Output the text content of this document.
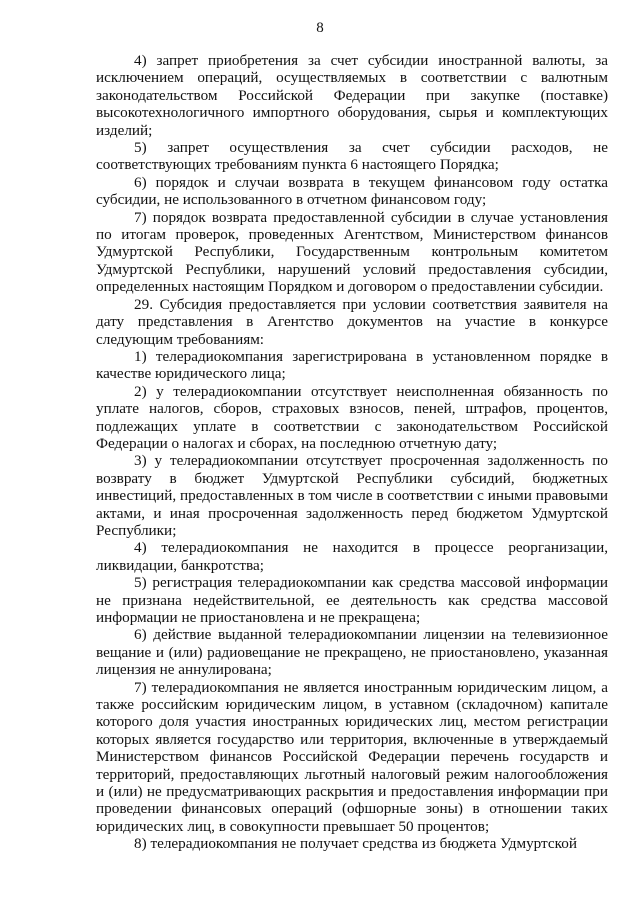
8

4) запрет приобретения за счет субсидии иностранной валюты, за исключением операций, осуществляемых в соответствии с валютным законодательством Российской Федерации при закупке (поставке) высокотехнологичного импортного оборудования, сырья и комплектующих изделий;

5) запрет осуществления за счет субсидии расходов, не соответствующих требованиям пункта 6 настоящего Порядка;

6) порядок и случаи возврата в текущем финансовом году остатка субсидии, не использованного в отчетном финансовом году;

7) порядок возврата предоставленной субсидии в случае установления по итогам проверок, проведенных Агентством, Министерством финансов Удмуртской Республики, Государственным контрольным комитетом Удмуртской Республики, нарушений условий предоставления субсидии, определенных настоящим Порядком и договором о предоставлении субсидии.

29. Субсидия предоставляется при условии соответствия заявителя на дату представления в Агентство документов на участие в конкурсе следующим требованиям:

1) телерадиокомпания зарегистрирована в установленном порядке в качестве юридического лица;

2) у телерадиокомпании отсутствует неисполненная обязанность по уплате налогов, сборов, страховых взносов, пеней, штрафов, процентов, подлежащих уплате в соответствии с законодательством Российской Федерации о налогах и сборах, на последнюю отчетную дату;

3) у телерадиокомпании отсутствует просроченная задолженность по возврату в бюджет Удмуртской Республики субсидий, бюджетных инвестиций, предоставленных в том числе в соответствии с иными правовыми актами, и иная просроченная задолженность перед бюджетом Удмуртской Республики;

4) телерадиокомпания не находится в процессе реорганизации, ликвидации, банкротства;

5) регистрация телерадиокомпании как средства массовой информации не признана недействительной, ее деятельность как средства массовой информации не приостановлена и не прекращена;

6) действие выданной телерадиокомпании лицензии на телевизионное вещание и (или) радиовещание не прекращено, не приостановлено, указанная лицензия не аннулирована;

7) телерадиокомпания не является иностранным юридическим лицом, а также российским юридическим лицом, в уставном (складочном) капитале которого доля участия иностранных юридических лиц, местом регистрации которых является государство или территория, включенные в утверждаемый Министерством финансов Российской Федерации перечень государств и территорий, предоставляющих льготный налоговый режим налогообложения и (или) не предусматривающих раскрытия и предоставления информации при проведении финансовых операций (офшорные зоны) в отношении таких юридических лиц, в совокупности превышает 50 процентов;

8) телерадиокомпания не получает средства из бюджета Удмуртской
